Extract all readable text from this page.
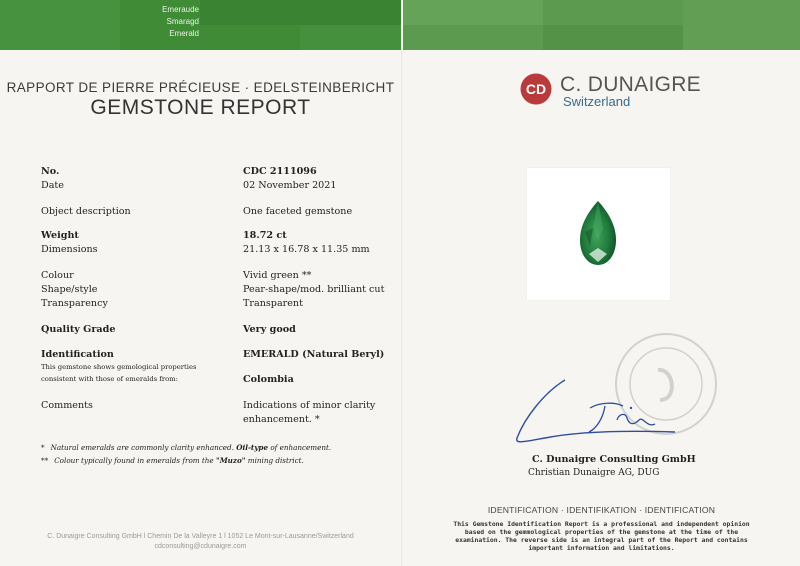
Emeraude
Smaragd
Emerald
RAPPORT DE PIERRE PRÉCIEUSE · EDELSTEINBERICHT
GEMSTONE REPORT
No.	CDC 2111096
Date	02 November 2021
Object description	One faceted gemstone
Weight	18.72 ct
Dimensions	21.13 x 16.78 x 11.35 mm
Colour	Vivid green **
Shape/style	Pear-shape/mod. brilliant cut
Transparency	Transparent
Quality Grade	Very good
Identification	EMERALD (Natural Beryl)
This gemstone shows gemological properties
consistent with those of emeralds from:	Colombia
Comments	Indications of minor clarity
enhancement. *
* Natural emeralds are commonly clarity enhanced. Oil-type of enhancement.
** Colour typically found in emeralds from the "Muzo" mining district.
C. Dunaigre Consulting GmbH l Chemin De la Valleyre 1 l 1052 Le Mont-sur-Lausanne/Switzerland
cdconsulting@cdunaigre.com
CD C. DUNAIGRE
Switzerland
C. Dunaigre Consulting GmbH
Christian Dunaigre AG, DUG
IDENTIFICATION · IDENTIFIKATION · IDENTIFICATION
This Gemstone Identification Report is a professional and independent opinion
based on the gemmological properties of the gemstone at the time of the
examination. The reverse side is an integral part of the Report and contains
important information and limitations.
